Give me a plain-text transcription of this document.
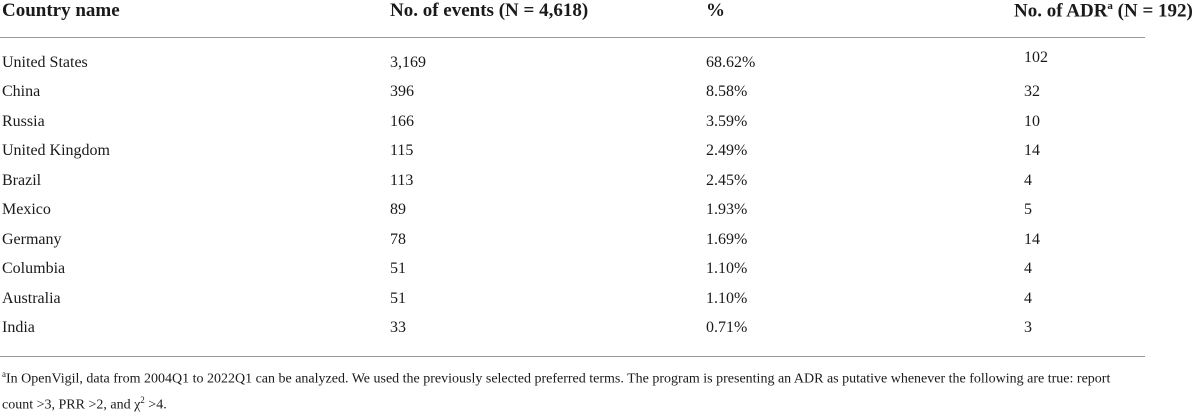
Country name	No. of events (N = 4,618)	%	No. of ADR$^a$ (N = 192)
United States	3,169	68.62%	102

China	396	8.58%	32

Russia	166	3.59%	10

United Kingdom	115	2.49%	14

Brazil	113	2.45%	4

Mexico	89	1.93%	5

Germany	78	1.69%	14

Columbia	51	1.10%	4

Australia	51	1.10%	4

India	33	0.71%	3
$^a$In OpenVigil, data from 2004Q1 to 2022Q1 can be analyzed. We used the previously selected preferred terms. The program is presenting an ADR as putative whenever the following are true: report count >3, PRR >2, and $\chi^2 >4$.
